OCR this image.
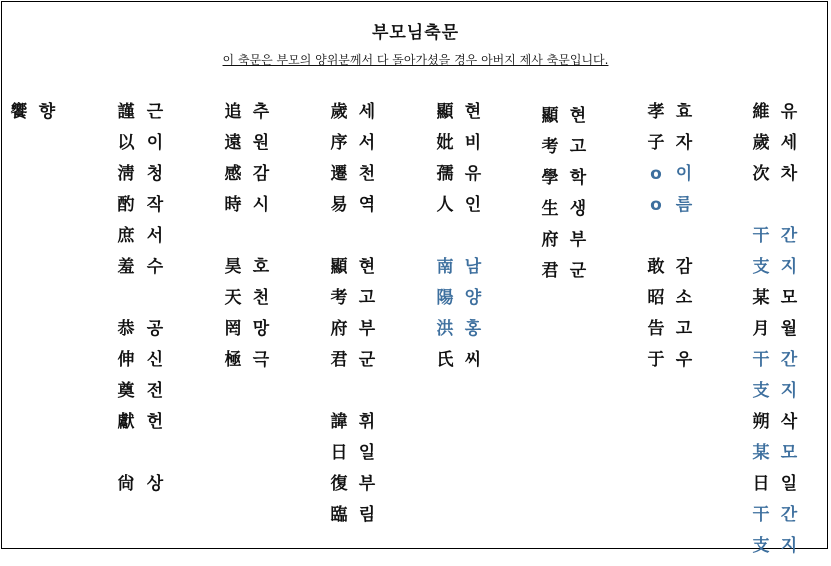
부모님축문
이 축문은 부모의 양위분께서 다 돌아가셨을 경우 아버지 제사 축문입니다.
饗 향	謹
以
淸
酌
庶
羞
恭
伸
奠
獻
尙
근
이
청
작
서
수
공
신
전
헌
상
追
遠
感
時
昊
天
罔
極
추
원
감
시
호
천
망
극
歲
序
遷
易
顯
考
府
君
諱
日
復
臨
세
서
천
역
현
고
부
군
휘
일
부
림
顯
妣
孺
人
南
陽
洪
氏
현
비
유
인
남
양
홍
씨
顯
考
學
生
府
君
현
고
학
생
부
군
孝
子
o
o
敢
昭
告
于
효
자
이
름
감
소
고
우
維
歲
次
干
支
某
月
干
支
朔
某
日
干
支
유
세
차
간
지
모
월
간
지
삭
모
일
간
지
